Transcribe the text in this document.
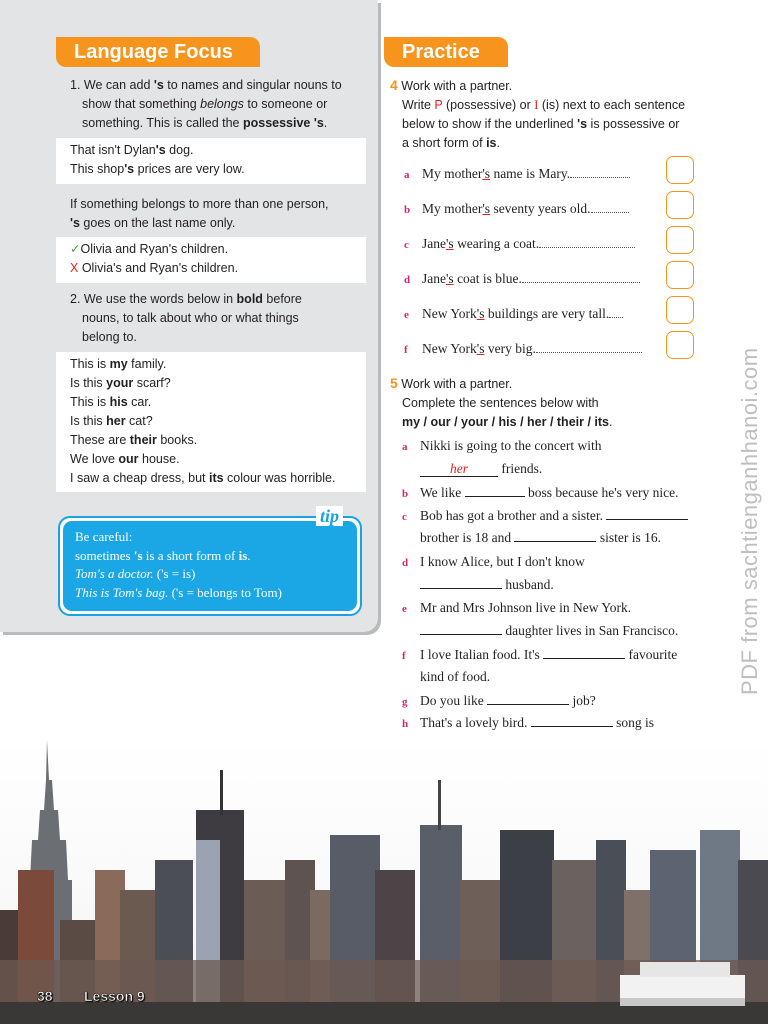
Language Focus
1. We can add 's to names and singular nouns to
show that something belongs to someone or
something. This is called the possessive 's.
That isn't Dylan's dog.
This shop's prices are very low.
If something belongs to more than one person,
's goes on the last name only.
✓Olivia and Ryan's children.
X Olivia's and Ryan's children.
2. We use the words below in bold before
nouns, to talk about who or what things
belong to.
This is my family.
Is this your scarf?
This is his car.
Is this her cat?
These are their books.
We love our house.
I saw a cheap dress, but its colour was horrible.
tip
Be careful:
sometimes 's is a short form of is.
Tom's a doctor. ('s = is)
This is Tom's bag. ('s = belongs to Tom)
Practice
4 Work with a partner.
Write P (possessive) or I (is) next to each sentence
below to show if the underlined 's is possessive or
a short form of is.
a My mother's name is Mary.
b My mother's seventy years old.
c Jane's wearing a coat.
d Jane's coat is blue.
e New York's buildings are very tall.
f New York's very big.
5 Work with a partner.
Complete the sentences below with
my / our / your / his / her / their / its.
a Nikki is going to the concert with
her friends.
b We like	boss because he's very nice.
c Bob has got a brother and a sister.
brother is 18 and	sister is 16.
d I know Alice, but I don't know
husband.
e Mr and Mrs Johnson live in New York.
daughter lives in San Francisco.
f I love Italian food. It's	favourite
kind of food.
g Do you like	job?
h That's a lovely bird.	song is
PDF from sachtienganhhanoi.com
38 Lesson 9
